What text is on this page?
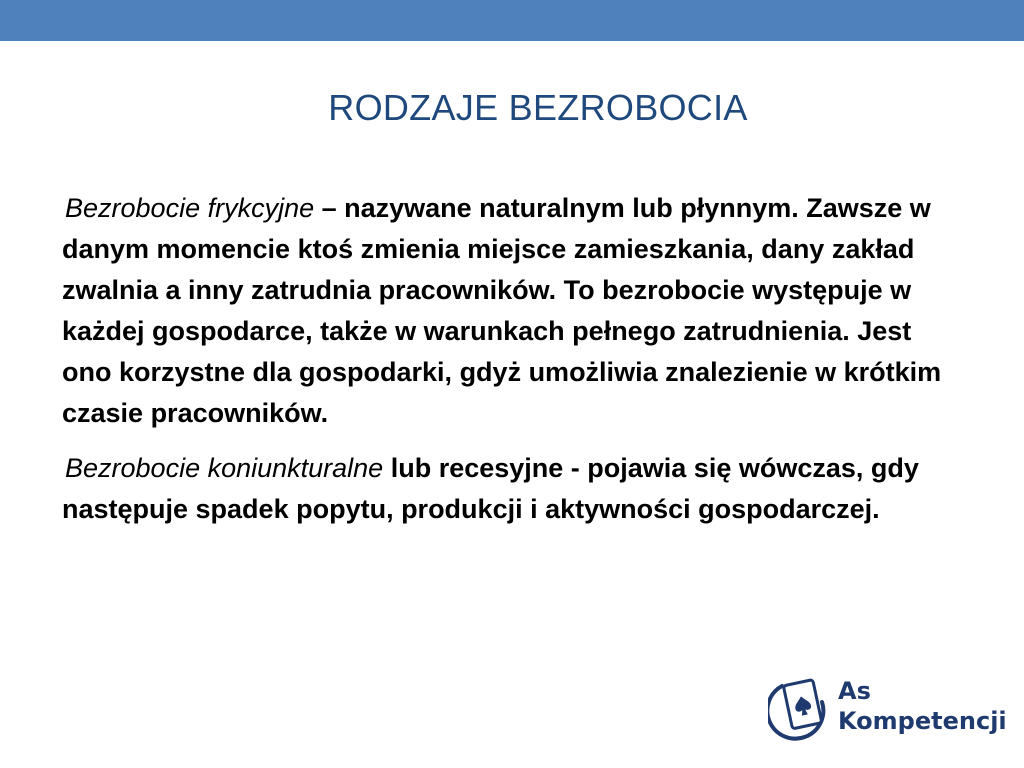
RODZAJE BEZROBOCIA

Bezrobocie frykcyjne – nazywane naturalnym lub płynnym. Zawsze w danym momencie ktoś zmienia miejsce zamieszkania, dany zakład zwalnia a inny zatrudnia pracowników. To bezrobocie występuje w każdej gospodarce, także w warunkach pełnego zatrudnienia. Jest ono korzystne dla gospodarki, gdyż umożliwia znalezienie w krótkim czasie pracowników.

Bezrobocie koniunkturalne lub recesyjne - pojawia się wówczas, gdy następuje spadek popytu, produkcji i aktywności gospodarczej.

As
Kompetencji
